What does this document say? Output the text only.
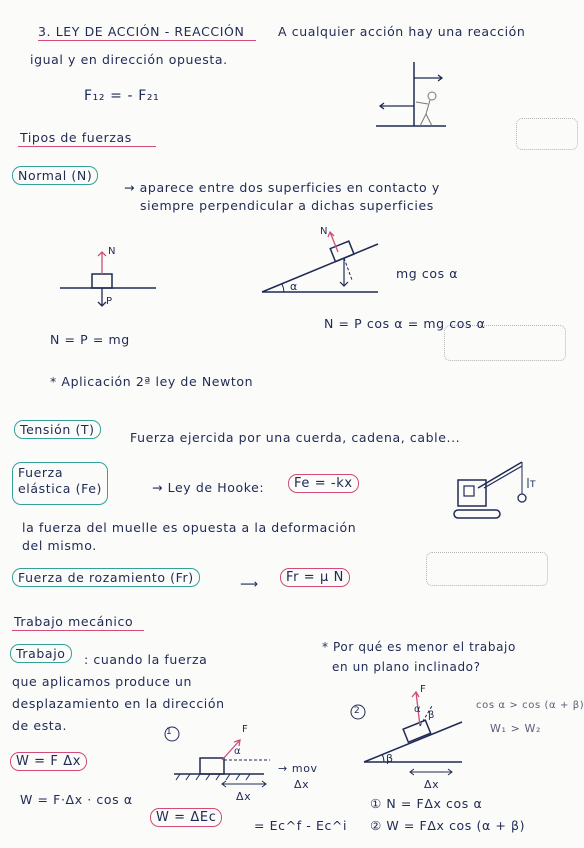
3. LEY DE ACCIÓN - REACCIÓN	A cualquier acción hay una reacción
igual y en dirección opuesta.
F₁₂ = - F₂₁
Tipos de fuerzas
Normal (N)
→ aparece entre dos superficies en contacto y
siempre perpendicular a dichas superficies
N
P
N = P = mg
N
α
mg cos α
N = P cos α = mg cos α
* Aplicación 2ª ley de Newton
Tensión (T)
Fuerza ejercida por una cuerda, cadena, cable...
Fuerza
elástica (Fe)	→ Ley de Hooke:	Fe = -kx	T
la fuerza del muelle es opuesta a la deformación
del mismo.
Fuerza de rozamiento (Fr)	⟶	Fr = μ N
Trabajo mecánico
Trabajo	: cuando la fuerza
que aplicamos produce un
desplazamiento en la dirección
de esta.
W = F Δx
W = F·Δx · cos α
1	F
α
→ mov
Δx
Δx
W = ΔEc
= Ec^f - Ec^i
* Por qué es menor el trabajo
en un plano inclinado?
2
F
α
β
β
Δx
cos α > cos (α + β)
W₁ > W₂
① N = FΔx cos α
② W = FΔx cos (α + β)
